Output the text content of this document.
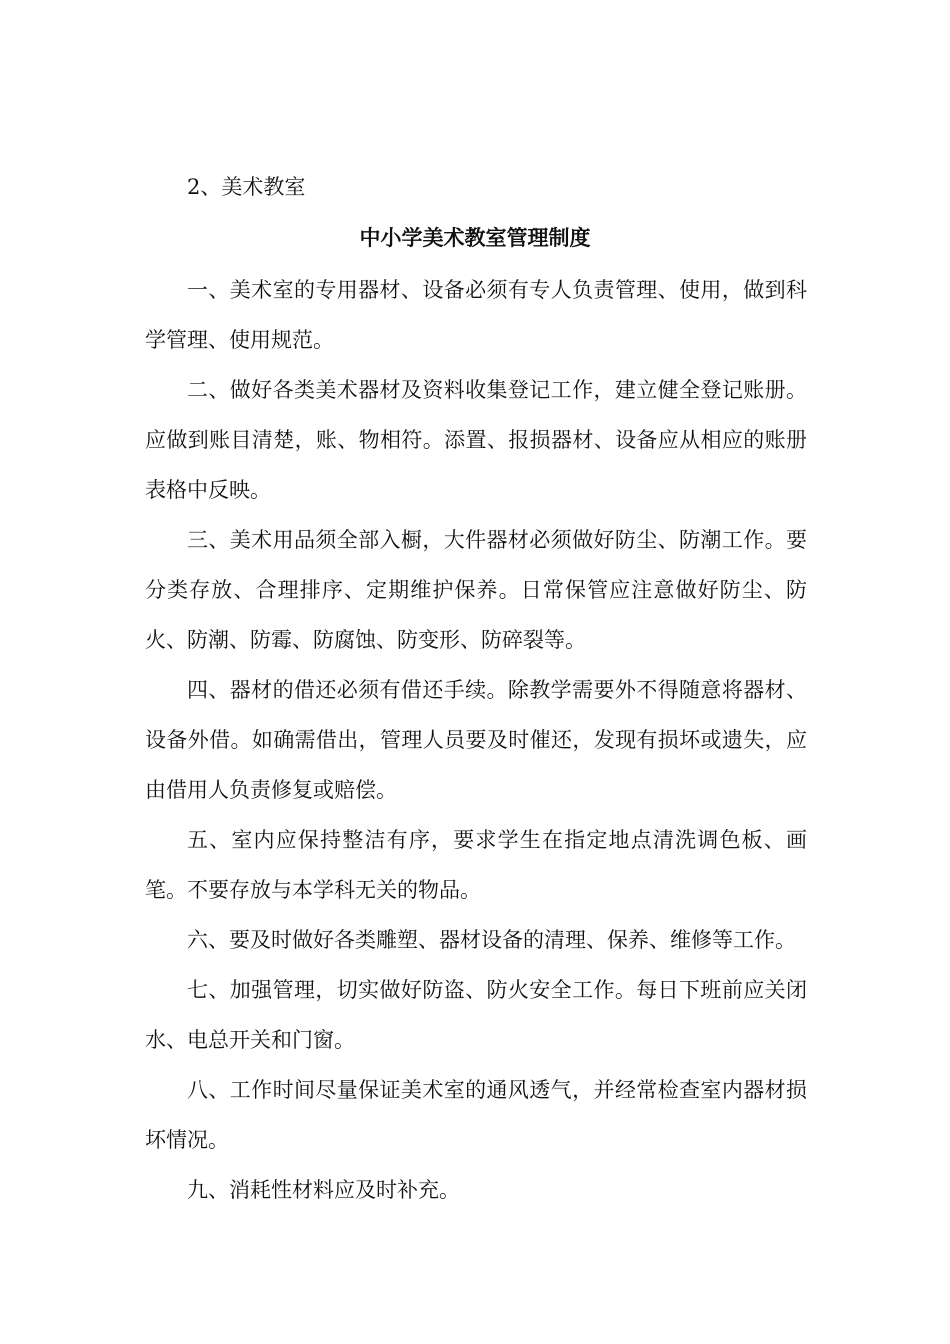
2、美术教室
中小学美术教室管理制度

一、美术室的专用器材、设备必须有专人负责管理、使用，做到科学管理、使用规范。

二、做好各类美术器材及资料收集登记工作，建立健全登记账册。应做到账目清楚，账、物相符。添置、报损器材、设备应从相应的账册表格中反映。

三、美术用品须全部入橱，大件器材必须做好防尘、防潮工作。要分类存放、合理排序、定期维护保养。日常保管应注意做好防尘、防火、防潮、防霉、防腐蚀、防变形、防碎裂等。

四、器材的借还必须有借还手续。除教学需要外不得随意将器材、设备外借。如确需借出，管理人员要及时催还，发现有损坏或遗失，应由借用人负责修复或赔偿。

五、室内应保持整洁有序，要求学生在指定地点清洗调色板、画笔。不要存放与本学科无关的物品。

六、要及时做好各类雕塑、器材设备的清理、保养、维修等工作。

七、加强管理，切实做好防盗、防火安全工作。每日下班前应关闭水、电总开关和门窗。

八、工作时间尽量保证美术室的通风透气，并经常检查室内器材损坏情况。

九、消耗性材料应及时补充。
